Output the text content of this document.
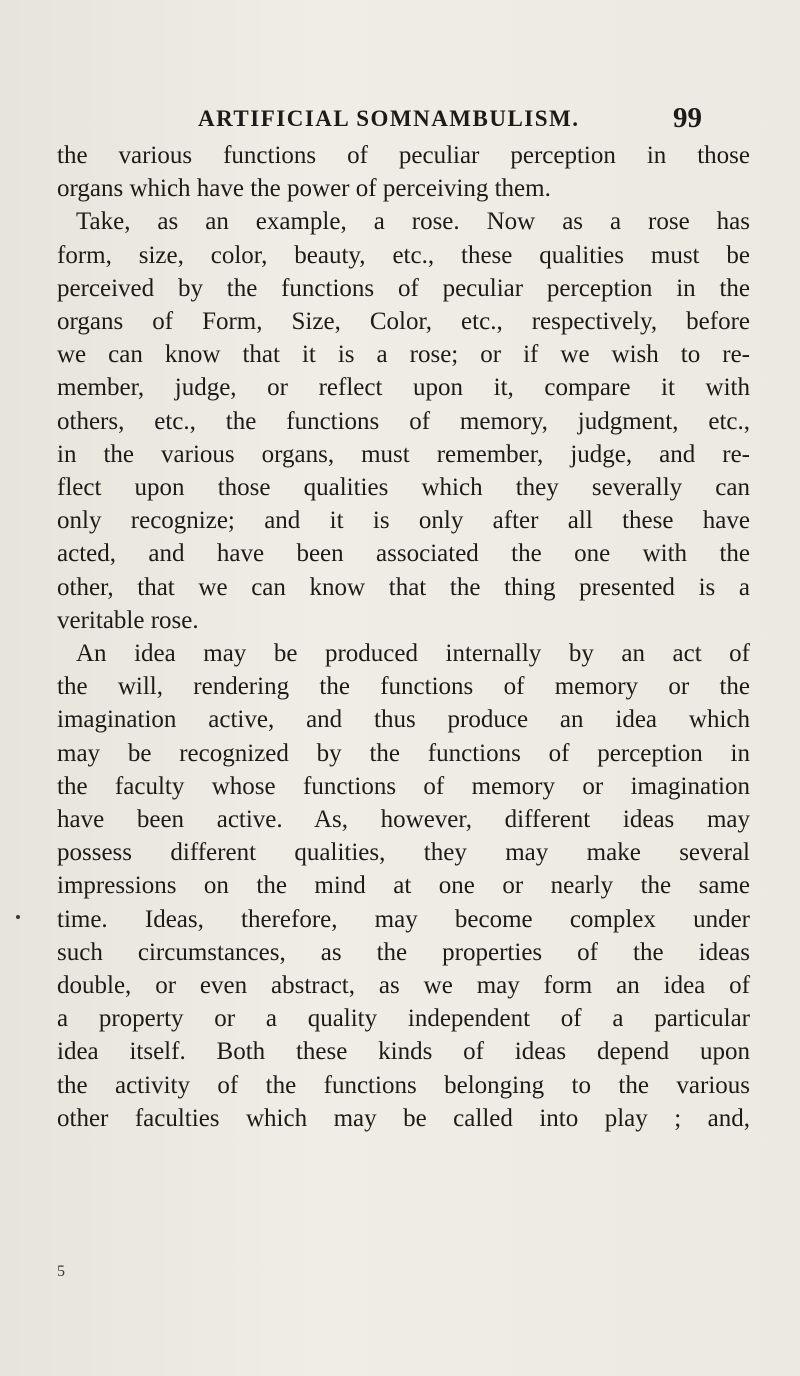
ARTIFICIAL SOMNAMBULISM.	99
the various functions of peculiar perception in those
organs which have the power of perceiving them.
Take, as an example, a rose. Now as a rose has
form, size, color, beauty, etc., these qualities must be
perceived by the functions of peculiar perception in the
organs of Form, Size, Color, etc., respectively, before
we can know that it is a rose; or if we wish to re-
member, judge, or reflect upon it, compare it with
others, etc., the functions of memory, judgment, etc.,
in the various organs, must remember, judge, and re-
flect upon those qualities which they severally can
only recognize; and it is only after all these have
acted, and have been associated the one with the
other, that we can know that the thing presented is a
veritable rose.
An idea may be produced internally by an act of
the will, rendering the functions of memory or the
imagination active, and thus produce an idea which
may be recognized by the functions of perception in
the faculty whose functions of memory or imagination
have been active. As, however, different ideas may
possess different qualities, they may make several
impressions on the mind at one or nearly the same
time. Ideas, therefore, may become complex under
such circumstances, as the properties of the ideas
double, or even abstract, as we may form an idea of
a property or a quality independent of a particular
idea itself. Both these kinds of ideas depend upon
the activity of the functions belonging to the various
other faculties which may be called into play ; and,
5
